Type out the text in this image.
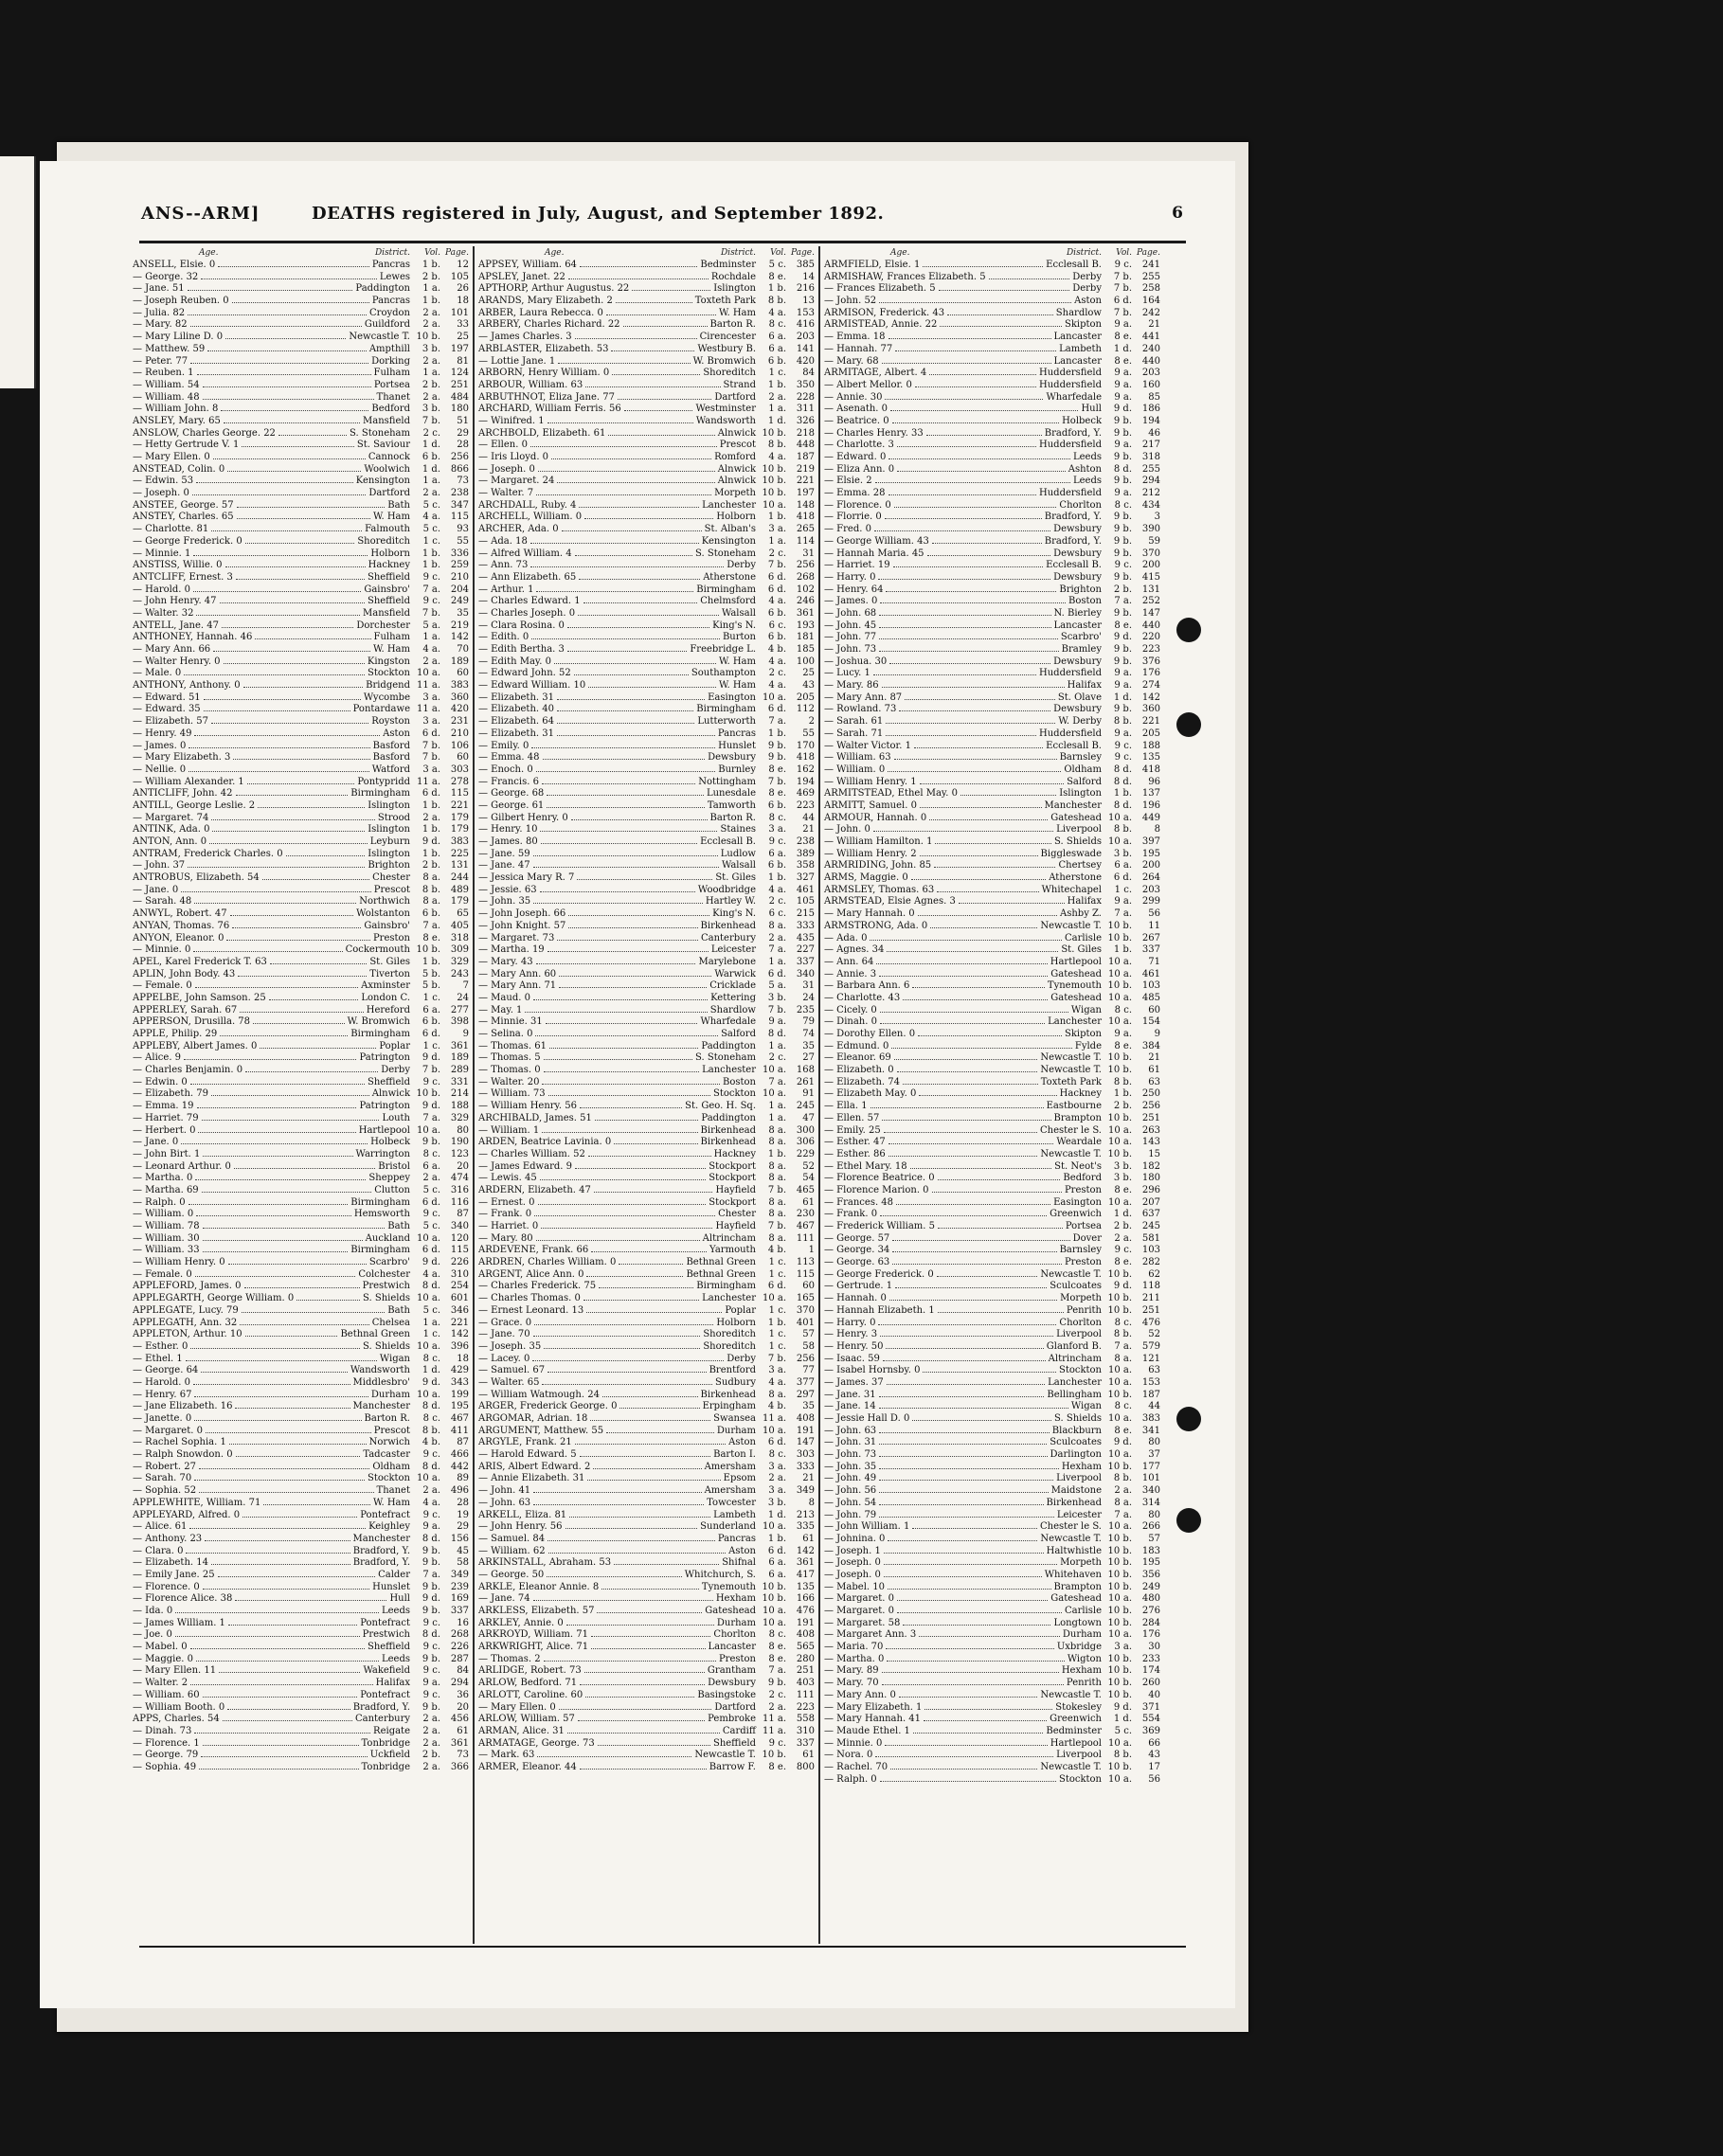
ANS--ARM]	DEATHS registered in July, August, and September 1892.	6
Age.	District. Vol. Page.
ANSELL, Elsie. 0	Pancras 1 b. 12
— George. 32	Lewes 2 b. 105
— Jane. 51	Paddington 1 a. 26
— Joseph Reuben. 0	Pancras 1 b. 18
— Julia. 82	Croydon 2 a. 101
— Mary. 82	Guildford 2 a. 33
— Mary Liline D. 0	Newcastle T. 10 b. 25
— Matthew. 59	Ampthill 3 b. 197
— Peter. 77	Dorking 2 a. 81
— Reuben. 1	Fulham 1 a. 124
— William. 54	Portsea 2 b. 251
— William. 48	Thanet 2 a. 484
— William John. 8	Bedford 3 b. 180
ANSLEY, Mary. 65	Mansfield 7 b. 51
ANSLOW, Charles George. 22	S. Stoneham 2 c. 29
— Hetty Gertrude V. 1	St. Saviour 1 d. 28
— Mary Ellen. 0	Cannock 6 b. 256
ANSTEAD, Colin. 0	Woolwich 1 d. 866
— Edwin. 53	Kensington 1 a. 73
— Joseph. 0	Dartford 2 a. 238
ANSTEE, George. 57	Bath 5 c. 347
ANSTEY, Charles. 65	W. Ham 4 a. 115
— Charlotte. 81	Falmouth 5 c. 93
— George Frederick. 0	Shoreditch 1 c. 55
— Minnie. 1	Holborn 1 b. 336
ANSTISS, Willie. 0	Hackney 1 b. 259
ANTCLIFF, Ernest. 3	Sheffield 9 c. 210
— Harold. 0	Gainsbro' 7 a. 204
— John Henry. 47	Sheffield 9 c. 249
— Walter. 32	Mansfield 7 b. 35
ANTELL, Jane. 47	Dorchester 5 a. 219
ANTHONEY, Hannah. 46	Fulham 1 a. 142
— Mary Ann. 66	W. Ham 4 a. 70
— Walter Henry. 0	Kingston 2 a. 189
— Male. 0	Stockton 10 a. 60
ANTHONY, Anthony. 0	Bridgend 11 a. 383
— Edward. 51	Wycombe 3 a. 360
— Edward. 35	Pontardawe 11 a. 420
— Elizabeth. 57	Royston 3 a. 231
— Henry. 49	Aston 6 d. 210
— James. 0	Basford 7 b. 106
— Mary Elizabeth. 3	Basford 7 b. 60
— Nellie. 0	Watford 3 a. 303
— William Alexander. 1	Pontypridd 11 a. 278
ANTICLIFF, John. 42	Birmingham 6 d. 115
ANTILL, George Leslie. 2	Islington 1 b. 221
— Margaret. 74	Strood 2 a. 179
ANTINK, Ada. 0	Islington 1 b. 179
ANTON, Ann. 0	Leyburn 9 d. 383
ANTRAM, Frederick Charles. 0	Islington 1 b. 225
— John. 37	Brighton 2 b. 131
ANTROBUS, Elizabeth. 54	Chester 8 a. 244
— Jane. 0	Prescot 8 b. 489
— Sarah. 48	Northwich 8 a. 179
ANWYL, Robert. 47	Wolstanton 6 b. 65
ANYAN, Thomas. 76	Gainsbro' 7 a. 405
ANYON, Eleanor. 0	Preston 8 e. 318
— Minnie. 0	Cockermouth 10 b. 309
APEL, Karel Frederick T. 63	St. Giles 1 b. 329
APLIN, John Body. 43	Tiverton 5 b. 243
— Female. 0	Axminster 5 b. 7
APPELBE, John Samson. 25	London C. 1 c. 24
APPERLEY, Sarah. 67	Hereford 6 a. 277
APPERSON, Drusilla. 78	W. Bromwich 6 b. 398
APPLE, Philip. 29	Birmingham 6 d. 9
APPLEBY, Albert James. 0	Poplar 1 c. 361
— Alice. 9	Patrington 9 d. 189
— Charles Benjamin. 0	Derby 7 b. 289
— Edwin. 0	Sheffield 9 c. 331
— Elizabeth. 79	Alnwick 10 b. 214
— Emma. 19	Patrington 9 d. 188
— Harriet. 79	Louth 7 a. 329
— Herbert. 0	Hartlepool 10 a. 80
— Jane. 0	Holbeck 9 b. 190
— John Birt. 1	Warrington 8 c. 123
— Leonard Arthur. 0	Bristol 6 a. 20
— Martha. 0	Sheppey 2 a. 474
— Martha. 69	Clutton 5 c. 316
— Ralph. 0	Birmingham 6 d. 116
— William. 0	Hemsworth 9 c. 87
— William. 78	Bath 5 c. 340
— William. 30	Auckland 10 a. 120
— William. 33	Birmingham 6 d. 115
— William Henry. 0	Scarbro' 9 d. 226
— Female. 0	Colchester 4 a. 310
APPLEFORD, James. 0	Prestwich 8 d. 254
APPLEGARTH, George William. 0	S. Shields 10 a. 601
APPLEGATE, Lucy. 79	Bath 5 c. 346
APPLEGATH, Ann. 32	Chelsea 1 a. 221
APPLETON, Arthur. 10	Bethnal Green 1 c. 142
— Esther. 0	S. Shields 10 a. 396
— Ethel. 1	Wigan 8 c. 18
— George. 64	Wandsworth 1 d. 429
— Harold. 0	Middlesbro' 9 d. 343
— Henry. 67	Durham 10 a. 199
— Jane Elizabeth. 16	Manchester 8 d. 195
— Janette. 0	Barton R. 8 c. 467
— Margaret. 0	Prescot 8 b. 411
— Rachel Sophia. 1	Norwich 4 b. 87
— Ralph Snowdon. 0	Tadcaster 9 c. 466
— Robert. 27	Oldham 8 d. 442
— Sarah. 70	Stockton 10 a. 89
— Sophia. 52	Thanet 2 a. 496
APPLEWHITE, William. 71	W. Ham 4 a. 28
APPLEYARD, Alfred. 0	Pontefract 9 c. 19
— Alice. 61	Keighley 9 a. 29
— Anthony. 23	Manchester 8 d. 156
— Clara. 0	Bradford, Y. 9 b. 45
— Elizabeth. 14	Bradford, Y. 9 b. 58
— Emily Jane. 25	Calder 7 a. 349
— Florence. 0	Hunslet 9 b. 239
— Florence Alice. 38	Hull 9 d. 169
— Ida. 0	Leeds 9 b. 337
— James William. 1	Pontefract 9 c. 16
— Joe. 0	Prestwich 8 d. 268
— Mabel. 0	Sheffield 9 c. 226
— Maggie. 0	Leeds 9 b. 287
— Mary Ellen. 11	Wakefield 9 c. 84
— Walter. 2	Halifax 9 a. 294
— William. 60	Pontefract 9 c. 36
— William Booth. 0	Bradford, Y. 9 b. 20
APPS, Charles. 54	Canterbury 2 a. 456
— Dinah. 73	Reigate 2 a. 61
— Florence. 1	Tonbridge 2 a. 361
— George. 79	Uckfield 2 b. 73
— Sophia. 49	Tonbridge 2 a. 366
Age.	District. Vol. Page.
APPSEY, William. 64	Bedminster 5 c. 385
APSLEY, Janet. 22	Rochdale 8 e. 14
APTHORP, Arthur Augustus. 22	Islington 1 b. 216
ARANDS, Mary Elizabeth. 2	Toxteth Park 8 b. 13
ARBER, Laura Rebecca. 0	W. Ham 4 a. 153
ARBERY, Charles Richard. 22	Barton R. 8 c. 416
— James Charles. 3	Cirencester 6 a. 203
ARBLASTER, Elizabeth. 53	Westbury B. 6 a. 141
— Lottie Jane. 1	W. Bromwich 6 b. 420
ARBORN, Henry William. 0	Shoreditch 1 c. 84
ARBOUR, William. 63	Strand 1 b. 350
ARBUTHNOT, Eliza Jane. 77	Dartford 2 a. 228
ARCHARD, William Ferris. 56	Westminster 1 a. 311
— Winifred. 1	Wandsworth 1 d. 326
ARCHBOLD, Elizabeth. 61	Alnwick 10 b. 218
— Ellen. 0	Prescot 8 b. 448
— Iris Lloyd. 0	Romford 4 a. 187
— Joseph. 0	Alnwick 10 b. 219
— Margaret. 24	Alnwick 10 b. 221
— Walter. 7	Morpeth 10 b. 197
ARCHDALL, Ruby. 4	Lanchester 10 a. 148
ARCHELL, William. 0	Holborn 1 b. 418
ARCHER, Ada. 0	St. Alban's 3 a. 265
— Ada. 18	Kensington 1 a. 114
— Alfred William. 4	S. Stoneham 2 c. 31
— Ann. 73	Derby 7 b. 256
— Ann Elizabeth. 65	Atherstone 6 d. 268
— Arthur. 1	Birmingham 6 d. 102
— Charles Edward. 1	Chelmsford 4 a. 246
— Charles Joseph. 0	Walsall 6 b. 361
— Clara Rosina. 0	King's N. 6 c. 193
— Edith. 0	Burton 6 b. 181
— Edith Bertha. 3	Freebridge L. 4 b. 185
— Edith May. 0	W. Ham 4 a. 100
— Edward John. 52	Southampton 2 c. 25
— Edward William. 10	W. Ham 4 a. 43
— Elizabeth. 31	Easington 10 a. 205
— Elizabeth. 40	Birmingham 6 d. 112
— Elizabeth. 64	Lutterworth 7 a. 2
— Elizabeth. 31	Pancras 1 b. 55
— Emily. 0	Hunslet 9 b. 170
— Emma. 48	Dewsbury 9 b. 418
— Enoch. 0	Burnley 8 e. 162
— Francis. 6	Nottingham 7 b. 194
— George. 68	Lunesdale 8 e. 469
— George. 61	Tamworth 6 b. 223
— Gilbert Henry. 0	Barton R. 8 c. 44
— Henry. 10	Staines 3 a. 21
— James. 80	Ecclesall B. 9 c. 238
— Jane. 59	Ludlow 6 a. 389
— Jane. 47	Walsall 6 b. 358
— Jessica Mary R. 7	St. Giles 1 b. 327
— Jessie. 63	Woodbridge 4 a. 461
— John. 35	Hartley W. 2 c. 105
— John Joseph. 66	King's N. 6 c. 215
— John Knight. 57	Birkenhead 8 a. 333
— Margaret. 73	Canterbury 2 a. 435
— Martha. 19	Leicester 7 a. 227
— Mary. 43	Marylebone 1 a. 337
— Mary Ann. 60	Warwick 6 d. 340
— Mary Ann. 71	Cricklade 5 a. 31
— Maud. 0	Kettering 3 b. 24
— May. 1	Shardlow 7 b. 235
— Minnie. 31	Wharfedale 9 a. 79
— Selina. 0	Salford 8 d. 74
— Thomas. 61	Paddington 1 a. 35
— Thomas. 5	S. Stoneham 2 c. 27
— Thomas. 0	Lanchester 10 a. 168
— Walter. 20	Boston 7 a. 261
— William. 73	Stockton 10 a. 91
— William Henry. 56	St. Geo. H. Sq. 1 a. 245
ARCHIBALD, James. 51	Paddington 1 a. 47
— William. 1	Birkenhead 8 a. 300
ARDEN, Beatrice Lavinia. 0	Birkenhead 8 a. 306
— Charles William. 52	Hackney 1 b. 229
— James Edward. 9	Stockport 8 a. 52
— Lewis. 45	Stockport 8 a. 54
ARDERN, Elizabeth. 47	Hayfield 7 b. 465
— Ernest. 0	Stockport 8 a. 61
— Frank. 0	Chester 8 a. 230
— Harriet. 0	Hayfield 7 b. 467
— Mary. 80	Altrincham 8 a. 111
ARDEVENE, Frank. 66	Yarmouth 4 b. 1
ARDREN, Charles William. 0	Bethnal Green 1 c. 113
ARGENT, Alice Ann. 0	Bethnal Green 1 c. 115
— Charles Frederick. 75	Birmingham 6 d. 60
— Charles Thomas. 0	Lanchester 10 a. 165
— Ernest Leonard. 13	Poplar 1 c. 370
— Grace. 0	Holborn 1 b. 401
— Jane. 70	Shoreditch 1 c. 57
— Joseph. 35	Shoreditch 1 c. 58
— Lacey. 0	Derby 7 b. 256
— Samuel. 67	Brentford 3 a. 77
— Walter. 65	Sudbury 4 a. 377
— William Watmough. 24	Birkenhead 8 a. 297
ARGER, Frederick George. 0	Erpingham 4 b. 35
ARGOMAR, Adrian. 18	Swansea 11 a. 408
ARGUMENT, Matthew. 55	Durham 10 a. 191
ARGYLE, Frank. 21	Aston 6 d. 147
— Harold Edward. 5	Barton I. 8 c. 303
ARIS, Albert Edward. 2	Amersham 3 a. 333
— Annie Elizabeth. 31	Epsom 2 a. 21
— John. 41	Amersham 3 a. 349
— John. 63	Towcester 3 b. 8
ARKELL, Eliza. 81	Lambeth 1 d. 213
— John Henry. 56	Sunderland 10 a. 335
— Samuel. 84	Pancras 1 b. 61
— William. 62	Aston 6 d. 142
ARKINSTALL, Abraham. 53	Shifnal 6 a. 361
— George. 50	Whitchurch, S. 6 a. 417
ARKLE, Eleanor Annie. 8	Tynemouth 10 b. 135
— Jane. 74	Hexham 10 b. 166
ARKLESS, Elizabeth. 57	Gateshead 10 a. 476
ARKLEY, Annie. 0	Durham 10 a. 191
ARKROYD, William. 71	Chorlton 8 c. 408
ARKWRIGHT, Alice. 71	Lancaster 8 e. 565
— Thomas. 2	Preston 8 e. 280
ARLIDGE, Robert. 73	Grantham 7 a. 251
ARLOW, Bedford. 71	Dewsbury 9 b. 403
ARLOTT, Caroline. 60	Basingstoke 2 c. 111
— Mary Ellen. 0	Dartford 2 a. 223
ARLOW, William. 57	Pembroke 11 a. 558
ARMAN, Alice. 31	Cardiff 11 a. 310
ARMATAGE, George. 73	Sheffield 9 c. 337
— Mark. 63	Newcastle T. 10 b. 61
ARMER, Eleanor. 44	Barrow F. 8 e. 800
Age.	District. Vol. Page.
ARMFIELD, Elsie. 1	Ecclesall B. 9 c. 241
ARMISHAW, Frances Elizabeth. 5	Derby 7 b. 255
— Frances Elizabeth. 5	Derby 7 b. 258
— John. 52	Aston 6 d. 164
ARMISON, Frederick. 43	Shardlow 7 b. 242
ARMISTEAD, Annie. 22	Skipton 9 a. 21
— Emma. 18	Lancaster 8 e. 441
— Hannah. 77	Lambeth 1 d. 240
— Mary. 68	Lancaster 8 e. 440
ARMITAGE, Albert. 4	Huddersfield 9 a. 203
— Albert Mellor. 0	Huddersfield 9 a. 160
— Annie. 30	Wharfedale 9 a. 85
— Asenath. 0	Hull 9 d. 186
— Beatrice. 0	Holbeck 9 b. 194
— Charles Henry. 33	Bradford, Y. 9 b. 46
— Charlotte. 3	Huddersfield 9 a. 217
— Edward. 0	Leeds 9 b. 318
— Eliza Ann. 0	Ashton 8 d. 255
— Elsie. 2	Leeds 9 b. 294
— Emma. 28	Huddersfield 9 a. 212
— Florence. 0	Chorlton 8 c. 434
— Florrie. 0	Bradford, Y. 9 b. 3
— Fred. 0	Dewsbury 9 b. 390
— George William. 43	Bradford, Y. 9 b. 59
— Hannah Maria. 45	Dewsbury 9 b. 370
— Harriet. 19	Ecclesall B. 9 c. 200
— Harry. 0	Dewsbury 9 b. 415
— Henry. 64	Brighton 2 b. 131
— James. 0	Boston 7 a. 252
— John. 68	N. Bierley 9 b. 147
— John. 45	Lancaster 8 e. 440
— John. 77	Scarbro' 9 d. 220
— John. 73	Bramley 9 b. 223
— Joshua. 30	Dewsbury 9 b. 376
— Lucy. 1	Huddersfield 9 a. 176
— Mary. 86	Halifax 9 a. 274
— Mary Ann. 87	St. Olave 1 d. 142
— Rowland. 73	Dewsbury 9 b. 360
— Sarah. 61	W. Derby 8 b. 221
— Sarah. 71	Huddersfield 9 a. 205
— Walter Victor. 1	Ecclesall B. 9 c. 188
— William. 63	Barnsley 9 c. 135
— William. 0	Oldham 8 d. 418
— William Henry. 1	Salford 8 d. 96
ARMITSTEAD, Ethel May. 0	Islington 1 b. 137
ARMITT, Samuel. 0	Manchester 8 d. 196
ARMOUR, Hannah. 0	Gateshead 10 a. 449
— John. 0	Liverpool 8 b. 8
— William Hamilton. 1	S. Shields 10 a. 397
— William Henry. 2	Biggleswade 3 b. 195
ARMRIDING, John. 85	Chertsey 6 a. 200
ARMS, Maggie. 0	Atherstone 6 d. 264
ARMSLEY, Thomas. 63	Whitechapel 1 c. 203
ARMSTEAD, Elsie Agnes. 3	Halifax 9 a. 299
— Mary Hannah. 0	Ashby Z. 7 a. 56
ARMSTRONG, Ada. 0	Newcastle T. 10 b. 11
— Ada. 0	Carlisle 10 b. 267
— Agnes. 34	St. Giles 1 b. 337
— Ann. 64	Hartlepool 10 a. 71
— Annie. 3	Gateshead 10 a. 461
— Barbara Ann. 6	Tynemouth 10 b. 103
— Charlotte. 43	Gateshead 10 a. 485
— Cicely. 0	Wigan 8 c. 60
— Dinah. 0	Lanchester 10 a. 154
— Dorothy Ellen. 0	Skipton 9 a. 9
— Edmund. 0	Fylde 8 e. 384
— Eleanor. 69	Newcastle T. 10 b. 21
— Elizabeth. 0	Newcastle T. 10 b. 61
— Elizabeth. 74	Toxteth Park 8 b. 63
— Elizabeth May. 0	Hackney 1 b. 250
— Ella. 1	Eastbourne 2 b. 256
— Ellen. 57	Brampton 10 b. 251
— Emily. 25	Chester le S. 10 a. 263
— Esther. 47	Weardale 10 a. 143
— Esther. 86	Newcastle T. 10 b. 15
— Ethel Mary. 18	St. Neot's 3 b. 182
— Florence Beatrice. 0	Bedford 3 b. 180
— Florence Marion. 0	Preston 8 e. 296
— Frances. 48	Easington 10 a. 207
— Frank. 0	Greenwich 1 d. 637
— Frederick William. 5	Portsea 2 b. 245
— George. 57	Dover 2 a. 581
— George. 34	Barnsley 9 c. 103
— George. 63	Preston 8 e. 282
— George Frederick. 0	Newcastle T. 10 b. 62
— Gertrude. 1	Sculcoates 9 d. 118
— Hannah. 0	Morpeth 10 b. 211
— Hannah Elizabeth. 1	Penrith 10 b. 251
— Harry. 0	Chorlton 8 c. 476
— Henry. 3	Liverpool 8 b. 52
— Henry. 50	Glanford B. 7 a. 579
— Isaac. 59	Altrincham 8 a. 121
— Isabel Hornsby. 0	Stockton 10 a. 63
— James. 37	Lanchester 10 a. 153
— Jane. 31	Bellingham 10 b. 187
— Jane. 14	Wigan 8 c. 44
— Jessie Hall D. 0	S. Shields 10 a. 383
— John. 63	Blackburn 8 e. 341
— John. 31	Sculcoates 9 d. 80
— John. 73	Darlington 10 a. 37
— John. 35	Hexham 10 b. 177
— John. 49	Liverpool 8 b. 101
— John. 56	Maidstone 2 a. 340
— John. 54	Birkenhead 8 a. 314
— John. 79	Leicester 7 a. 80
— John William. 1	Chester le S. 10 a. 266
— Johnina. 0	Newcastle T. 10 b. 57
— Joseph. 1	Haltwhistle 10 b. 183
— Joseph. 0	Morpeth 10 b. 195
— Joseph. 0	Whitehaven 10 b. 356
— Mabel. 10	Brampton 10 b. 249
— Margaret. 0	Gateshead 10 a. 480
— Margaret. 0	Carlisle 10 b. 276
— Margaret. 58	Longtown 10 b. 284
— Margaret Ann. 3	Durham 10 a. 176
— Maria. 70	Uxbridge 3 a. 30
— Martha. 0	Wigton 10 b. 233
— Mary. 89	Hexham 10 b. 174
— Mary. 70	Penrith 10 b. 260
— Mary Ann. 0	Newcastle T. 10 b. 40
— Mary Elizabeth. 1	Stokesley 9 d. 371
— Mary Hannah. 41	Greenwich 1 d. 554
— Maude Ethel. 1	Bedminster 5 c. 369
— Minnie. 0	Hartlepool 10 a. 66
— Nora. 0	Liverpool 8 b. 43
— Rachel. 70	Newcastle T. 10 b. 17
— Ralph. 0	Stockton 10 a. 56
